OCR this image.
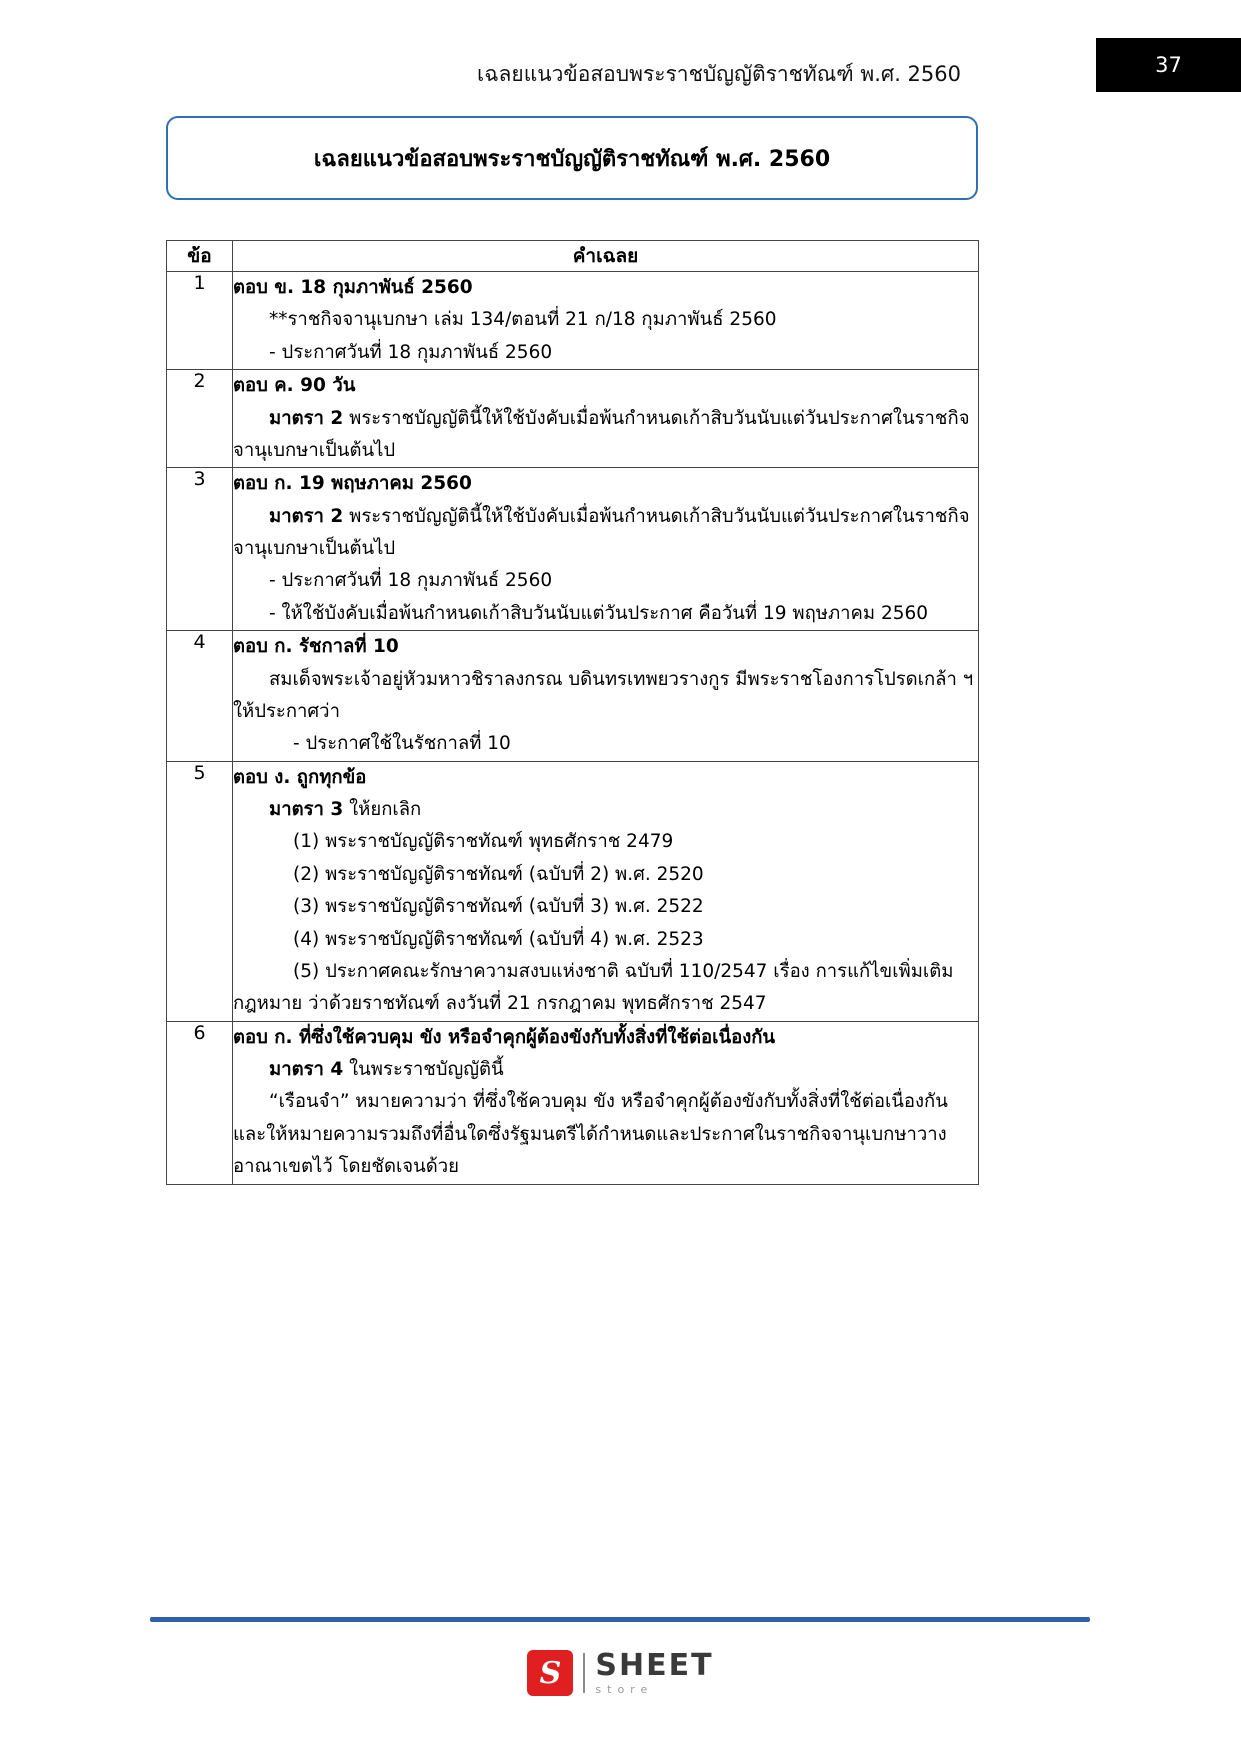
เฉลยแนวข้อสอบพระราชบัญญัติราชทัณฑ์ พ.ศ. 2560	37
เฉลยแนวข้อสอบพระราชบัญญัติราชทัณฑ์ พ.ศ. 2560
ข้อ	คำเฉลย
1	ตอบ ข. 18 กุมภาพันธ์ 2560
**ราชกิจจานุเบกษา เล่ม 134/ตอนที่ 21 ก/18 กุมภาพันธ์ 2560
- ประกาศวันที่ 18 กุมภาพันธ์ 2560

2	ตอบ ค. 90 วัน
มาตรา 2 พระราชบัญญัตินี้ให้ใช้บังคับเมื่อพ้นกำหนดเก้าสิบวันนับแต่วันประกาศในราชกิจจานุเบกษาเป็นต้นไป

3	ตอบ ก. 19 พฤษภาคม 2560
มาตรา 2 พระราชบัญญัตินี้ให้ใช้บังคับเมื่อพ้นกำหนดเก้าสิบวันนับแต่วันประกาศในราชกิจจานุเบกษาเป็นต้นไป
- ประกาศวันที่ 18 กุมภาพันธ์ 2560
- ให้ใช้บังคับเมื่อพ้นกำหนดเก้าสิบวันนับแต่วันประกาศ คือวันที่ 19 พฤษภาคม 2560

4	ตอบ ก. รัชกาลที่ 10
สมเด็จพระเจ้าอยู่หัวมหาวชิราลงกรณ บดินทรเทพยวรางกูร มีพระราชโองการโปรดเกล้า ฯ ให้ประกาศว่า
- ประกาศใช้ในรัชกาลที่ 10

5	ตอบ ง. ถูกทุกข้อ
มาตรา 3 ให้ยกเลิก
(1) พระราชบัญญัติราชทัณฑ์ พุทธศักราช 2479
(2) พระราชบัญญัติราชทัณฑ์ (ฉบับที่ 2) พ.ศ. 2520
(3) พระราชบัญญัติราชทัณฑ์ (ฉบับที่ 3) พ.ศ. 2522
(4) พระราชบัญญัติราชทัณฑ์ (ฉบับที่ 4) พ.ศ. 2523
(5) ประกาศคณะรักษาความสงบแห่งชาติ ฉบับที่ 110/2547 เรื่อง การแก้ไขเพิ่มเติมกฎหมาย ว่าด้วยราชทัณฑ์ ลงวันที่ 21 กรกฎาคม พุทธศักราช 2547

6	ตอบ ก. ที่ซึ่งใช้ควบคุม ขัง หรือจำคุกผู้ต้องขังกับทั้งสิ่งที่ใช้ต่อเนื่องกัน
มาตรา 4 ในพระราชบัญญัตินี้
“เรือนจำ” หมายความว่า ที่ซึ่งใช้ควบคุม ขัง หรือจำคุกผู้ต้องขังกับทั้งสิ่งที่ใช้ต่อเนื่องกันและให้หมายความรวมถึงที่อื่นใดซึ่งรัฐมนตรีได้กำหนดและประกาศในราชกิจจานุเบกษาวางอาณาเขตไว้ โดยชัดเจนด้วย
S	SHEET
store
